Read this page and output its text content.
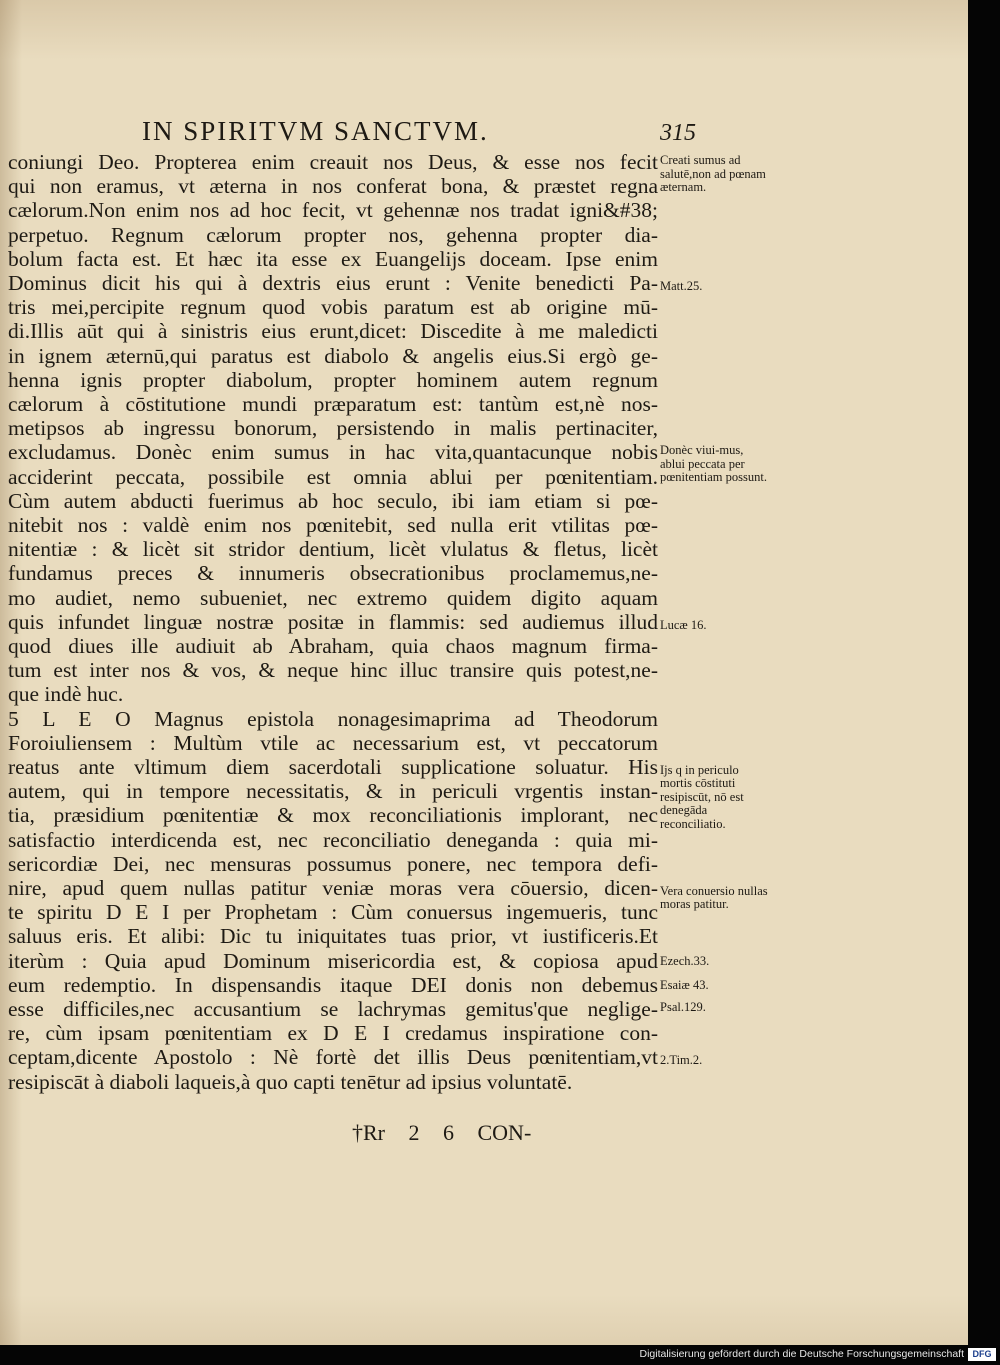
IN SPIRITVM SANCTVM.	315

coniungi Deo. Propterea enim creauit nos Deus, & esse nos fecit

qui non eramus, vt æterna in nos conferat bona, & præstet regna

cælorum.Non enim nos ad hoc fecit, vt gehennæ nos tradat igni&#38;

perpetuo. Regnum cælorum propter nos, gehenna propter dia-

bolum facta est. Et hæc ita esse ex Euangelijs doceam. Ipse enim

Dominus dicit his qui à dextris eius erunt : Venite benedicti Pa-

tris mei,percipite regnum quod vobis paratum est ab origine mū-

di.Illis aūt qui à sinistris eius erunt,dicet: Discedite à me maledicti

in ignem æternū,qui paratus est diabolo & angelis eius.Si ergò ge-

henna ignis propter diabolum, propter hominem autem regnum

cælorum à cōstitutione mundi præparatum est: tantùm est,nè nos-

metipsos ab ingressu bonorum, persistendo in malis pertinaciter,

excludamus. Donèc enim sumus in hac vita,quantacunque nobis

acciderint peccata, possibile est omnia ablui per pœnitentiam.

Cùm autem abducti fuerimus ab hoc seculo, ibi iam etiam si pœ-

nitebit nos : valdè enim nos pœnitebit, sed nulla erit vtilitas pœ-

nitentiæ : & licèt sit stridor dentium, licèt vlulatus & fletus, licèt

fundamus preces & innumeris obsecrationibus proclamemus,ne-

mo audiet, nemo subueniet, nec extremo quidem digito aquam

quis infundet linguæ nostræ positæ in flammis: sed audiemus illud

quod diues ille audiuit ab Abraham, quia chaos magnum firma-

tum est inter nos & vos, & neque hinc illuc transire quis potest,ne-

que indè huc.

5 L E O Magnus epistola nonagesimaprima ad Theodorum

Foroiuliensem : Multùm vtile ac necessarium est, vt peccatorum

reatus ante vltimum diem sacerdotali supplicatione soluatur. His

autem, qui in tempore necessitatis, & in periculi vrgentis instan-

tia, præsidium pœnitentiæ & mox reconciliationis implorant, nec

satisfactio interdicenda est, nec reconciliatio deneganda : quia mi-

sericordiæ Dei, nec mensuras possumus ponere, nec tempora defi-

nire, apud quem nullas patitur veniæ moras vera cōuersio, dicen-

te spiritu D E I per Prophetam : Cùm conuersus ingemueris, tunc

saluus eris. Et alibi: Dic tu iniquitates tuas prior, vt iustificeris.Et

iterùm : Quia apud Dominum misericordia est, & copiosa apud

eum redemptio. In dispensandis itaque DEI donis non debemus

esse difficiles,nec accusantium se lachrymas gemitus'que neglige-

re, cùm ipsam pœnitentiam ex D E I credamus inspiratione con-

ceptam,dicente Apostolo : Nè fortè det illis Deus pœnitentiam,vt

resipiscāt à diaboli laqueis,à quo capti tenētur ad ipsius voluntatē.

Creati sumus ad salutē,non ad pœnam æternam.

Matt.25.

Donèc viui-mus, ablui peccata per pœnitentiam possunt.

Lucæ 16.

Ijs q in periculo mortis cōstituti resipiscūt, nō est denegāda reconciliatio.

Vera conuersio nullas moras patitur.

Ezech.33.

Esaiæ 43.

Psal.129.

2.Tim.2.

†Rr 2 6 CON-

Digitalisierung gefördert durch die Deutsche Forschungsgemeinschaft DFG
